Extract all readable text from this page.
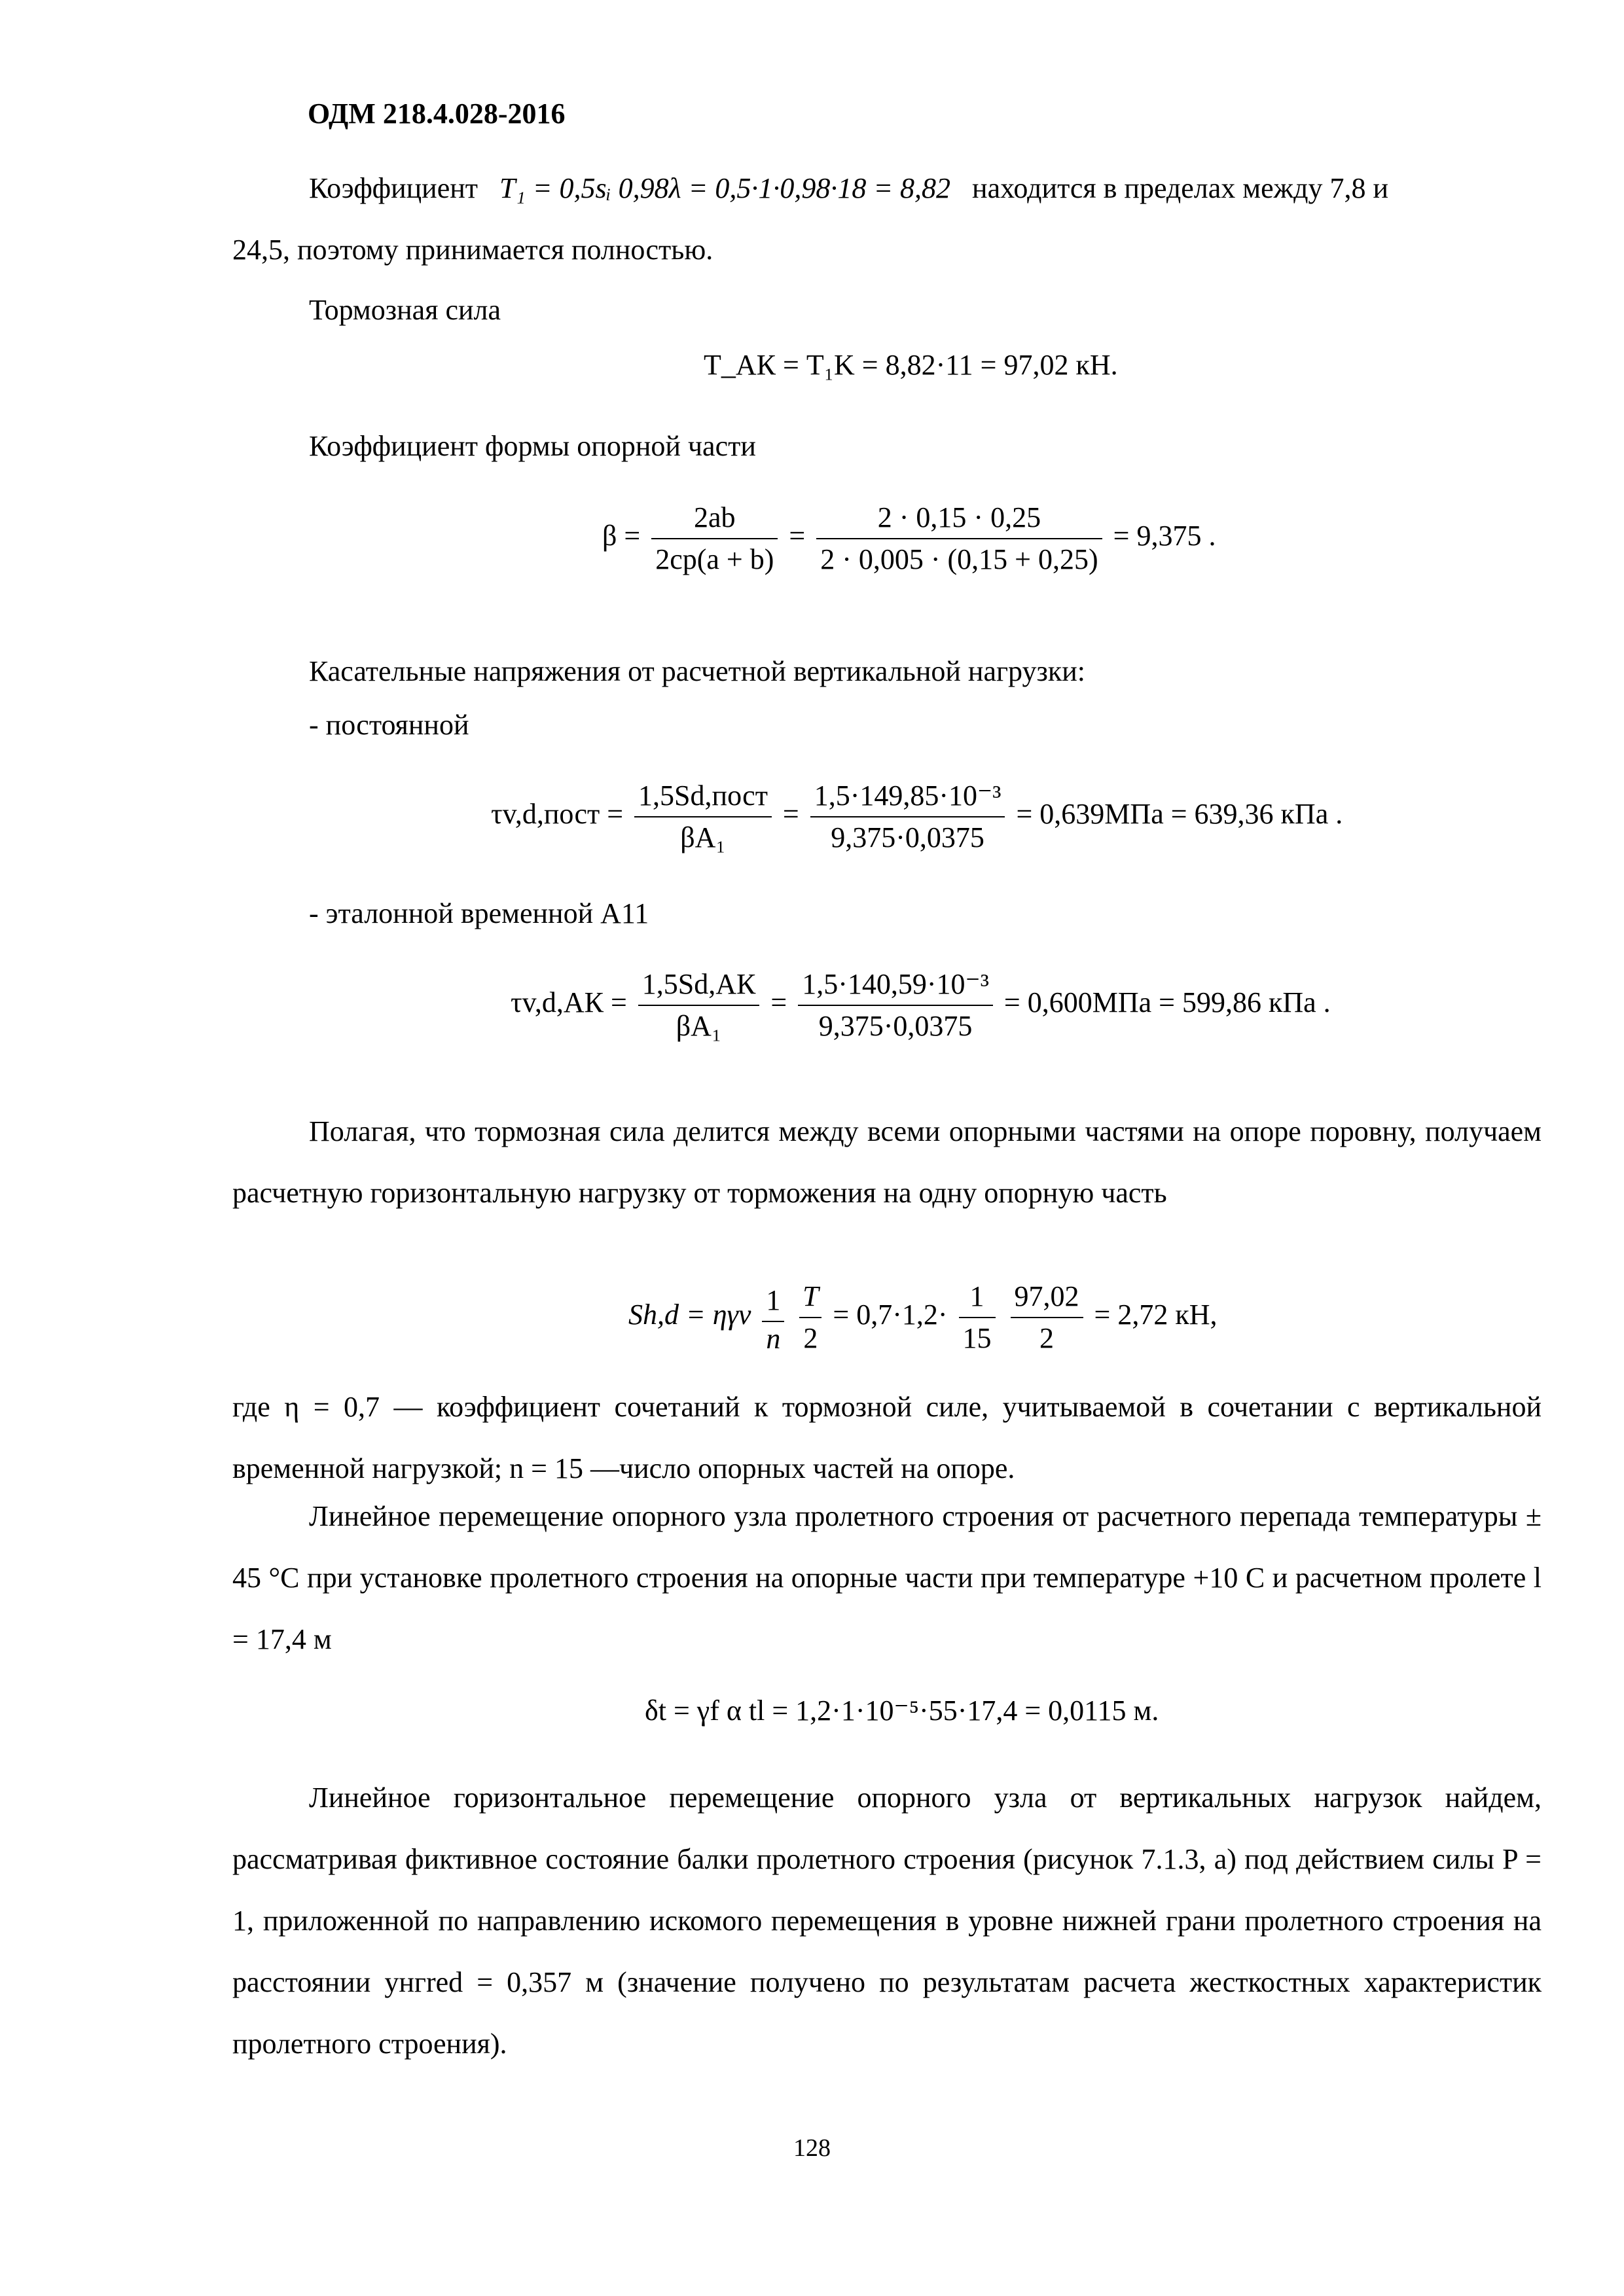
ОДМ 218.4.028-2016
Коэффициент T₁ = 0,5sᵢ 0,98λ = 0,5·1·0,98·18 = 8,82 находится в пределах между 7,8 и
24,5, поэтому принимается полностью.
Тормозная сила
T_АК = T₁K = 8,82·11 = 97,02 кН.
Коэффициент формы опорной части
$\beta = \frac{2ab}{2cр(a + b)} = \frac{2 \cdot 0,15 \cdot 0,25}{2 \cdot 0,005 \cdot (0,15 + 0,25)} = 9,375$ .
Касательные напряжения от расчетной вертикальной нагрузки:
- постоянной
τv,d,пост = $\frac{\text{1,5Sd,пост}}{\text{βA₁}} = \frac{\text{1,5·149,85·10⁻³}}{9,375\cdot 0,0375} = 0,639МПа = 639,36$ кПа .
- эталонной временной А11
$\tau v,d,АК = \frac{1,5Sd,АК}{\text{βA₁}} = \frac{\text{1,5·140,59·10⁻³}}{9,375\cdot 0,0375} = 0,600МПа = 599,86$ кПа .
Полагая, что тормозная сила делится между всеми опорными частями на опоре поровну, получаем расчетную горизонтальную нагрузку от торможения на одну опорную часть
Sh,d = ηγv $\frac{1}{n} \frac{T}{2} = 0,7\cdot 1,2\cdot \frac{1}{15}$
$\frac{97,02}{2} = 2,72$ кН,
где η = 0,7 — коэффициент сочетаний к тормозной силе, учитываемой в сочетании с вертикальной временной нагрузкой; n = 15 —число опорных частей на опоре.
Линейное перемещение опорного узла пролетного строения от расчетного перепада температуры ± 45 °С при установке пролетного строения на опорные части при температуре +10 С и расчетном пролете l = 17,4 м
δt = γf α tl = 1,2·1·10⁻⁵·55·17,4 = 0,0115 м.
Линейное горизонтальное перемещение опорного узла от вертикальных нагрузок найдем, рассматривая фиктивное состояние балки пролетного строения (рисунок 7.1.3, а) под действием силы P = 1, приложенной по направлению искомого перемещения в уровне нижней грани пролетного строения на расстоянии yнгred = 0,357 м (значение получено по результатам расчета жесткостных характеристик пролетного строения).
128
